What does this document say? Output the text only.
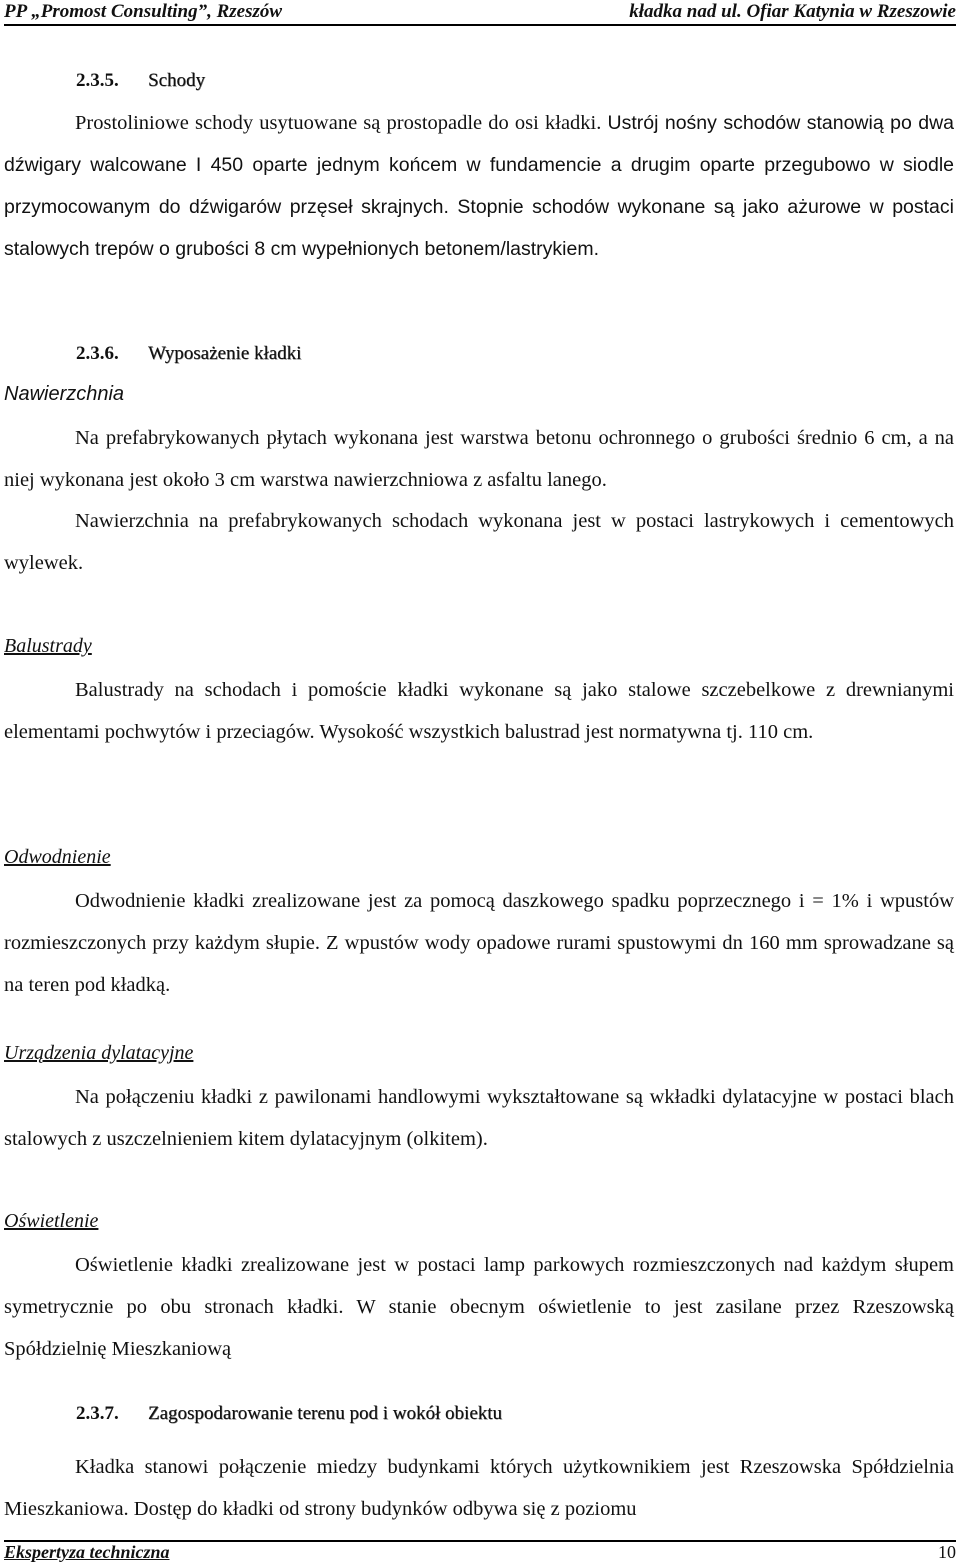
PP „Promost Consulting”, Rzeszów	kładka nad ul. Ofiar Katynia w Rzeszowie
2.3.5. Schody
Prostoliniowe schody usytuowane są prostopadle do osi kładki. Ustrój nośny schodów stanowią po dwa dźwigary walcowane I 450 oparte jednym końcem w fundamencie a drugim oparte przegubowo w siodle przymocowanym do dźwigarów przęseł skrajnych. Stopnie schodów wykonane są jako ażurowe w postaci stalowych trepów o grubości 8 cm wypełnionych betonem/lastrykiem.
2.3.6. Wyposażenie kładki
Nawierzchnia
Na prefabrykowanych płytach wykonana jest warstwa betonu ochronnego o grubości średnio 6 cm, a na niej wykonana jest około 3 cm warstwa nawierzchniowa z asfaltu lanego.
Nawierzchnia na prefabrykowanych schodach wykonana jest w postaci lastrykowych i cementowych wylewek.
Balustrady
Balustrady na schodach i pomoście kładki wykonane są jako stalowe szczebelkowe z drewnianymi elementami pochwytów i przeciagów. Wysokość wszystkich balustrad jest normatywna tj. 110 cm.
Odwodnienie
Odwodnienie kładki zrealizowane jest za pomocą daszkowego spadku poprzecznego i = 1% i wpustów rozmieszczonych przy każdym słupie. Z wpustów wody opadowe rurami spustowymi dn 160 mm sprowadzane są na teren pod kładką.
Urządzenia dylatacyjne
Na połączeniu kładki z pawilonami handlowymi wykształtowane są wkładki dylatacyjne w postaci blach stalowych z uszczelnieniem kitem dylatacyjnym (olkitem).
Oświetlenie
Oświetlenie kładki zrealizowane jest w postaci lamp parkowych rozmieszczonych nad każdym słupem symetrycznie po obu stronach kładki. W stanie obecnym oświetlenie to jest zasilane przez Rzeszowską Spółdzielnię Mieszkaniową
2.3.7. Zagospodarowanie terenu pod i wokół obiektu
Kładka stanowi połączenie miedzy budynkami których użytkownikiem jest Rzeszowska Spółdzielnia Mieszkaniowa. Dostęp do kładki od strony budynków odbywa się z poziomu
Ekspertyza techniczna	10
